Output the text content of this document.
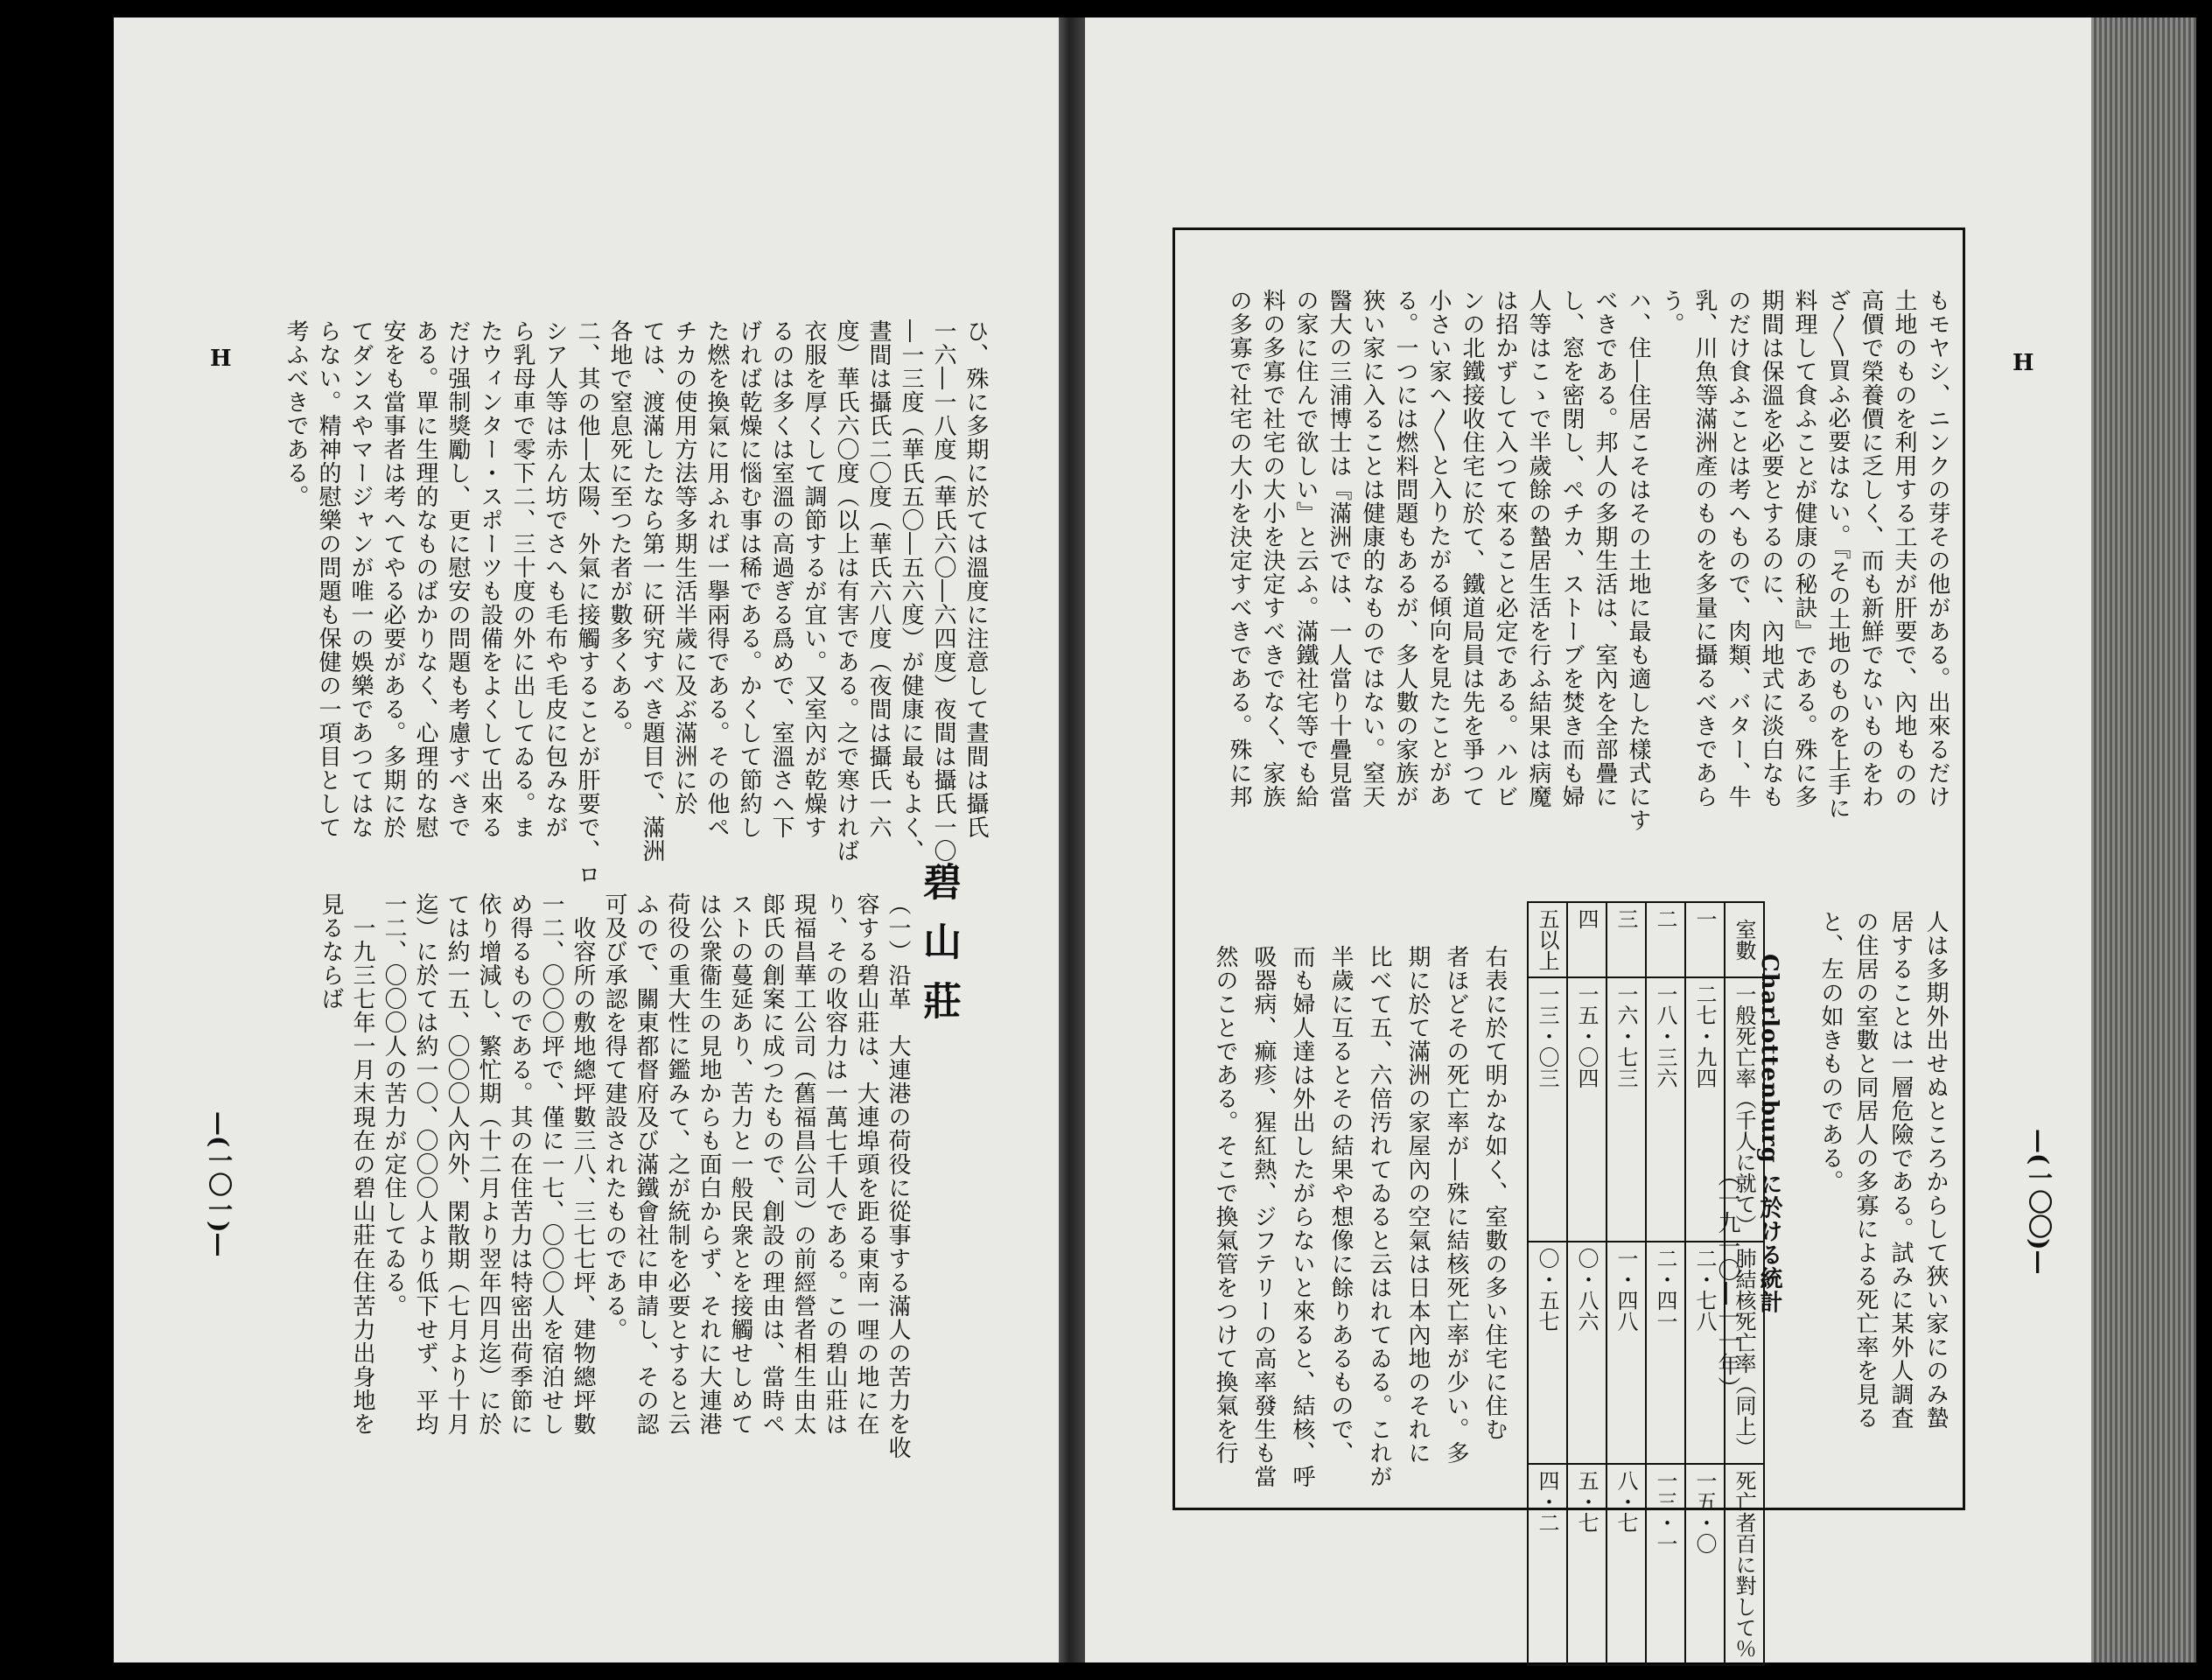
H	ひ、殊に多期に於ては溫度に注意して晝間は攝氏
一六―一八度（華氏六〇―六四度）夜間は攝氏一〇
―一三度（華氏五〇―五六度）が健康に最もよく、
晝間は攝氏二〇度（華氏六八度（夜間は攝氏一六
度）華氏六〇度（以上は有害である。之で寒ければ
衣服を厚くして調節するが宜い。又室內が乾燥す
るのは多くは室溫の高過ぎる爲めで、室溫さへ下
げれば乾燥に惱む事は稀である。かくして節約し
た燃を換氣に用ふれば一擧兩得である。その他ペ
チカの使用方法等多期生活半歲に及ぶ滿洲に於
ては、渡滿したなら第一に研究すべき題目で、滿洲
各地で窒息死に至つた者が數多くある。
二、其の他―太陽、外氣に接觸することが肝要で、ロ
シア人等は赤ん坊でさへも毛布や毛皮に包みなが
ら乳母車で零下二、三十度の外に出してゐる。ま
たウィンター・スポーツも設備をよくして出來る
だけ强制獎勵し、更に慰安の問題も考慮すべきで
ある。單に生理的なものばかりなく、心理的な慰
安をも當事者は考へてやる必要がある。多期に於
てダンスやマージャンが唯一の娛樂であつてはな
らない。精神的慰樂の問題も保健の一項目として
考ふべきである。
碧山莊
（一）沿革　大連港の荷役に從事する滿人の苦力を收
容する碧山莊は、大連埠頭を距る東南一哩の地に在
り、その收容力は一萬七千人である。この碧山莊は
現福昌華工公司（舊福昌公司）の前經營者相生由太
郞氏の創案に成つたもので、創設の理由は、當時ペ
ストの蔓延あり、苦力と一般民衆とを接觸せしめて
は公衆衞生の見地からも面白からず、それに大連港
荷役の重大性に鑑みて、之が統制を必要とすると云
ふので、關東都督府及び滿鐵會社に申請し、その認
可及び承認を得て建設されたものである。
　收容所の敷地總坪數三八、三七七坪、建物總坪數
一二、〇〇〇坪で、僅に一七、〇〇〇人を宿泊せし
め得るものである。其の在住苦力は特密出荷季節に
依り增減し、繁忙期（十二月より翌年四月迄）に於
ては約一五、〇〇〇人內外、閑散期（七月より十月
迄）に於ては約一〇、〇〇〇人より低下せず、平均
一二、〇〇〇人の苦力が定住してゐる。
　一九三七年一月末現在の碧山莊在住苦力出身地を
見るならば
—(一〇一)—
H
—(一〇〇)—
もモヤシ、ニンクの芽その他がある。出來るだけ
土地のものを利用する工夫が肝要で、內地ものの
高價で榮養價に乏しく、而も新鮮でないものをわ
ざ〳〵買ふ必要はない。『その土地のものを上手に
料理して食ふことが健康の秘訣』である。殊に多
期間は保溫を必要とするのに、內地式に淡白なも
のだけ食ふことは考へもので、肉類、バター、牛
乳、川魚等滿洲產のものを多量に攝るべきであら
う。
ハ、住―住居こそはその土地に最も適した樣式にす
べきである。邦人の多期生活は、室內を全部疊に
し、窓を密閉し、ペチカ、ストーブを焚き而も婦
人等はこゝで半歲餘の蟄居生活を行ふ結果は病魔
は招かずして入つて來ること必定である。ハルビ
ンの北鐵接收住宅に於て、鐵道局員は先を爭つて
小さい家へ〳〵と入りたがる傾向を見たことがあ
る。一つには燃料問題もあるが、多人數の家族が
狹い家に入ることは健康的なものではない。窒天
醫大の三浦博士は『滿洲では、一人當り十疊見當
の家に住んで欲しい』と云ふ。滿鐵社宅等でも給
料の多寡で社宅の大小を決定すべきでなく、家族
の多寡で社宅の大小を決定すべきである。殊に邦
人は多期外出せぬところからして狹い家にのみ蟄
居することは一層危險である。試みに某外人調査
の住居の室數と同居人の多寡による死亡率を見る
と、左の如きものである。
Charlottenburg に於ける統計
（一九一〇―一一年）
室數	一般死亡率（千人に就て）	肺結核死亡率（同上）	死亡者百に對して％
一	二七・九四	二・七八	一五・〇
二	一八・三六	二・四一	一三・一
三	一六・七三	一・四八	八・七
四	一五・〇四	〇・八六	五・七
五以上	一三・〇三	〇・五七	四・二
右表に於て明かな如く、室數の多い住宅に住む
者ほどその死亡率が―殊に結核死亡率が少い。多
期に於て滿洲の家屋內の空氣は日本內地のそれに
比べて五、六倍汚れてゐると云はれてゐる。これが
半歲に互るとその結果や想像に餘りあるもので、
而も婦人達は外出したがらないと來ると、結核、呼
吸器病、痲疹、猩紅熱、ジフテリーの高率發生も當
然のことである。そこで換氣管をつけて換氣を行
